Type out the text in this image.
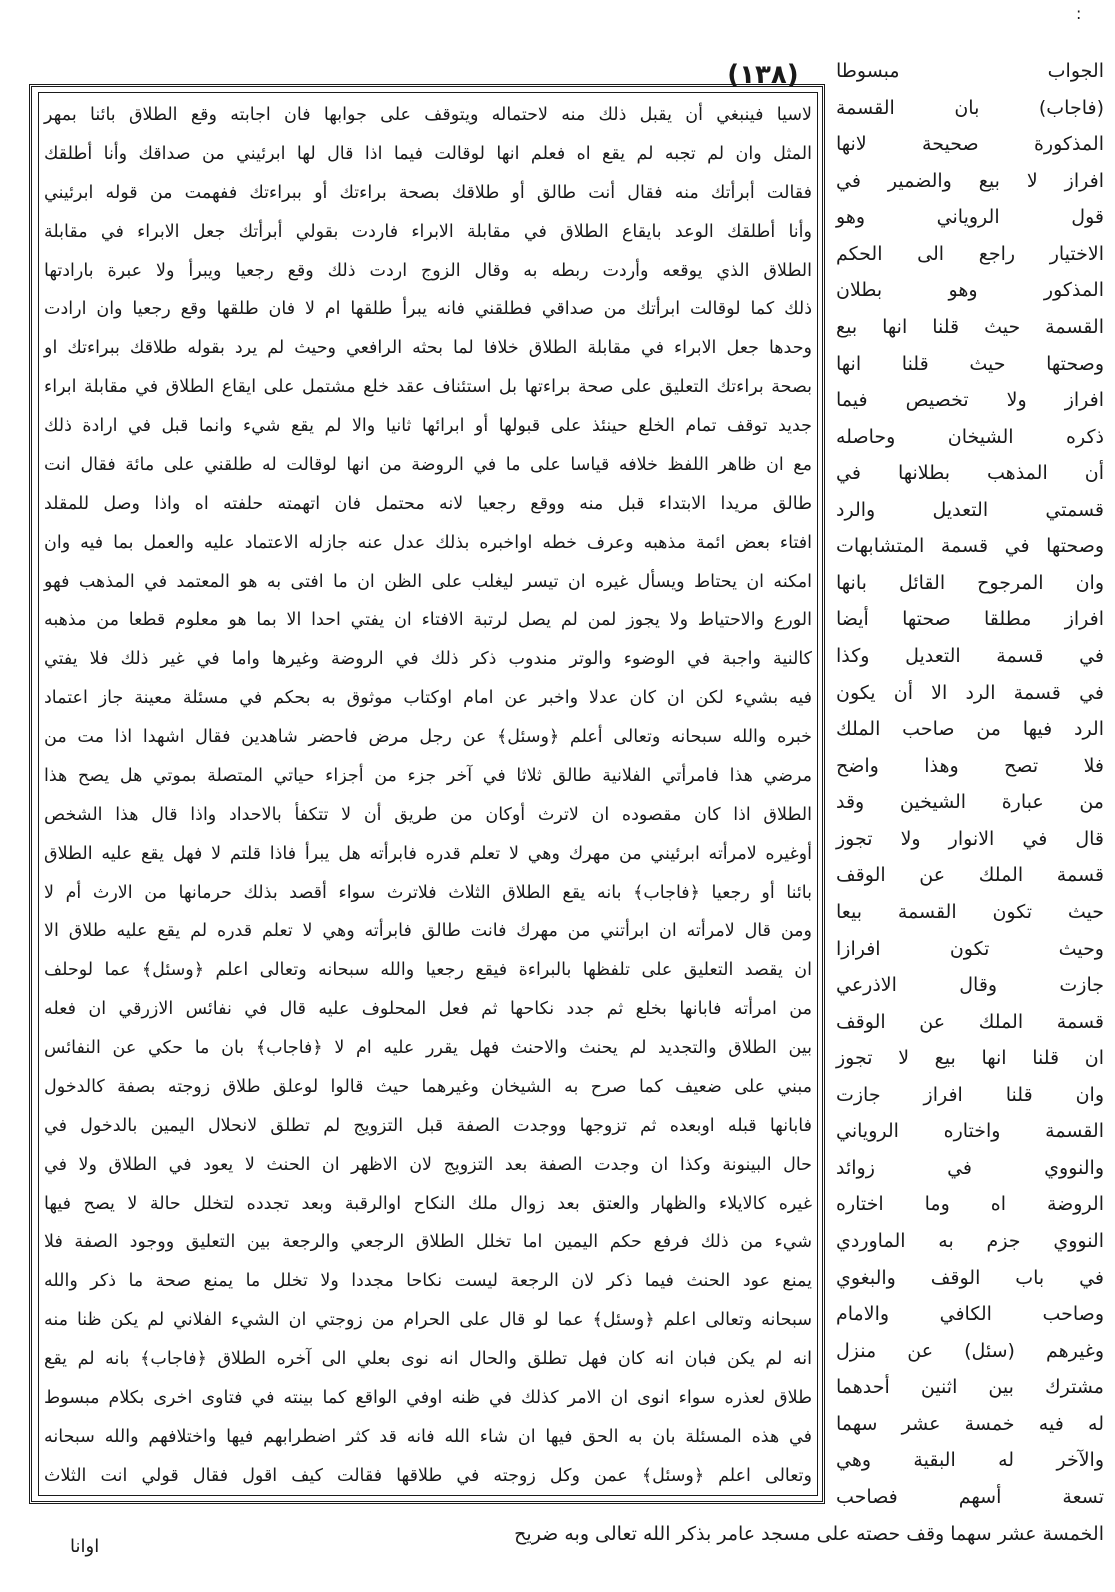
:
(١٣٨)
لاسيا فينبغي أن يقبل ذلك منه لاحتماله ويتوقف على جوابها فان اجابته وقع الطلاق بائنا بمهر
المثل وان لم تجبه لم يقع اه فعلم انها لوقالت فيما اذا قال لها ابرئيني من صداقك وأنا أطلقك
فقالت أبرأتك منه فقال أنت طالق أو طلاقك بصحة براءتك أو ببراءتك ففهمت من قوله ابرئيني
وأنا أطلقك الوعد بايقاع الطلاق في مقابلة الابراء فاردت بقولي أبرأتك جعل الابراء في مقابلة
الطلاق الذي يوقعه وأردت ربطه به وقال الزوج اردت ذلك وقع رجعيا ويبرأ ولا عبرة بارادتها
ذلك كما لوقالت ابرأتك من صداقي فطلقني فانه يبرأ طلقها ام لا فان طلقها وقع رجعيا وان ارادت
وحدها جعل الابراء في مقابلة الطلاق خلافا لما بحثه الرافعي وحيث لم يرد بقوله طلاقك ببراءتك او
بصحة براءتك التعليق على صحة براءتها بل استئناف عقد خلع مشتمل على ايقاع الطلاق في مقابلة ابراء
جديد توقف تمام الخلع حينئذ على قبولها أو ابرائها ثانيا والا لم يقع شيء وانما قبل في ارادة ذلك
مع ان ظاهر اللفظ خلافه قياسا على ما في الروضة من انها لوقالت له طلقني على مائة فقال انت
طالق مريدا الابتداء قبل منه ووقع رجعيا لانه محتمل فان اتهمته حلفته اه واذا وصل للمقلد
افتاء بعض ائمة مذهبه وعرف خطه اواخبره بذلك عدل عنه جازله الاعتماد عليه والعمل بما فيه وان
امكنه ان يحتاط ويسأل غيره ان تيسر ليغلب على الظن ان ما افتى به هو المعتمد في المذهب فهو
الورع والاحتياط ولا يجوز لمن لم يصل لرتبة الافتاء ان يفتي احدا الا بما هو معلوم قطعا من مذهبه
كالنية واجبة في الوضوء والوتر مندوب ذكر ذلك في الروضة وغيرها واما في غير ذلك فلا يفتي
فيه بشيء لكن ان كان عدلا واخبر عن امام اوكتاب موثوق به بحكم في مسئلة معينة جاز اعتماد
خبره والله سبحانه وتعالى أعلم ﴿وسئل﴾ عن رجل مرض فاحضر شاهدين فقال اشهدا اذا مت من
مرضي هذا فامرأتي الفلانية طالق ثلاثا في آخر جزء من أجزاء حياتي المتصلة بموتي هل يصح هذا
الطلاق اذا كان مقصوده ان لاترث أوكان من طريق أن لا تتكفأ بالاحداد واذا قال هذا الشخص
أوغيره لامرأته ابرئيني من مهرك وهي لا تعلم قدره فابرأته هل يبرأ فاذا قلتم لا فهل يقع عليه الطلاق
بائنا أو رجعيا ﴿فاجاب﴾ بانه يقع الطلاق الثلاث فلاترث سواء أقصد بذلك حرمانها من الارث أم لا
ومن قال لامرأته ان ابرأتني من مهرك فانت طالق فابرأته وهي لا تعلم قدره لم يقع عليه طلاق الا
ان يقصد التعليق على تلفظها بالبراءة فيقع رجعيا والله سبحانه وتعالى اعلم ﴿وسئل﴾ عما لوحلف
من امرأته فابانها بخلع ثم جدد نكاحها ثم فعل المحلوف عليه قال في نفائس الازرقي ان فعله
بين الطلاق والتجديد لم يحنث والاحنث فهل يقرر عليه ام لا ﴿فاجاب﴾ بان ما حكي عن النفائس
مبني على ضعيف كما صرح به الشيخان وغيرهما حيث قالوا لوعلق طلاق زوجته بصفة كالدخول
فابانها قبله اوبعده ثم تزوجها ووجدت الصفة قبل التزويج لم تطلق لانحلال اليمين بالدخول في
حال البينونة وكذا ان وجدت الصفة بعد التزويج لان الاظهر ان الحنث لا يعود في الطلاق ولا في
غيره كالايلاء والظهار والعتق بعد زوال ملك النكاح اوالرقبة وبعد تجدده لتخلل حالة لا يصح فيها
شيء من ذلك فرفع حكم اليمين اما تخلل الطلاق الرجعي والرجعة بين التعليق ووجود الصفة فلا
يمنع عود الحنث فيما ذكر لان الرجعة ليست نكاحا مجددا ولا تخلل ما يمنع صحة ما ذكر والله
سبحانه وتعالى اعلم ﴿وسئل﴾ عما لو قال على الحرام من زوجتي ان الشيء الفلاني لم يكن ظنا منه
انه لم يكن فبان انه كان فهل تطلق والحال انه نوى بعلي الى آخره الطلاق ﴿فاجاب﴾ بانه لم يقع
طلاق لعذره سواء انوى ان الامر كذلك في ظنه اوفي الواقع كما بينته في فتاوى اخرى بكلام مبسوط
في هذه المسئلة بان به الحق فيها ان شاء الله فانه قد كثر اضطرابهم فيها واختلافهم والله سبحانه
وتعالى اعلم ﴿وسئل﴾ عمن وكل زوجته في طلاقها فقالت كيف اقول فقال قولي انت الثلاث
الجواب مبسوطا
(فاجاب) بان القسمة
المذكورة صحيحة لانها
افراز لا بيع والضمير في
قول الروياني وهو
الاختيار راجع الى الحكم
المذكور وهو بطلان
القسمة حيث قلنا انها بيع
وصحتها حيث قلنا انها
افراز ولا تخصيص فيما
ذكره الشيخان وحاصله
أن المذهب بطلانها في
قسمتي التعديل والرد
وصحتها في قسمة المتشابهات
وان المرجوح القائل بانها
افراز مطلقا صحتها أيضا
في قسمة التعديل وكذا
في قسمة الرد الا أن يكون
الرد فيها من صاحب الملك
فلا تصح وهذا واضح
من عبارة الشيخين وقد
قال في الانوار ولا تجوز
قسمة الملك عن الوقف
حيث تكون القسمة بيعا
وحيث تكون افرازا
جازت وقال الاذرعي
قسمة الملك عن الوقف
ان قلنا انها بيع لا تجوز
وان قلنا افراز جازت
القسمة واختاره الروياني
والنووي في زوائد
الروضة اه وما اختاره
النووي جزم به الماوردي
في باب الوقف والبغوي
وصاحب الكافي والامام
وغيرهم (سئل) عن منزل
مشترك بين اثنين أحدهما
له فيه خمسة عشر سهما
والآخر له البقية وهي
تسعة أسهم فصاحب
الخمسة عشر سهما وقف حصته على مسجد عامر بذكر الله تعالى وبه ضريح
اوانا
